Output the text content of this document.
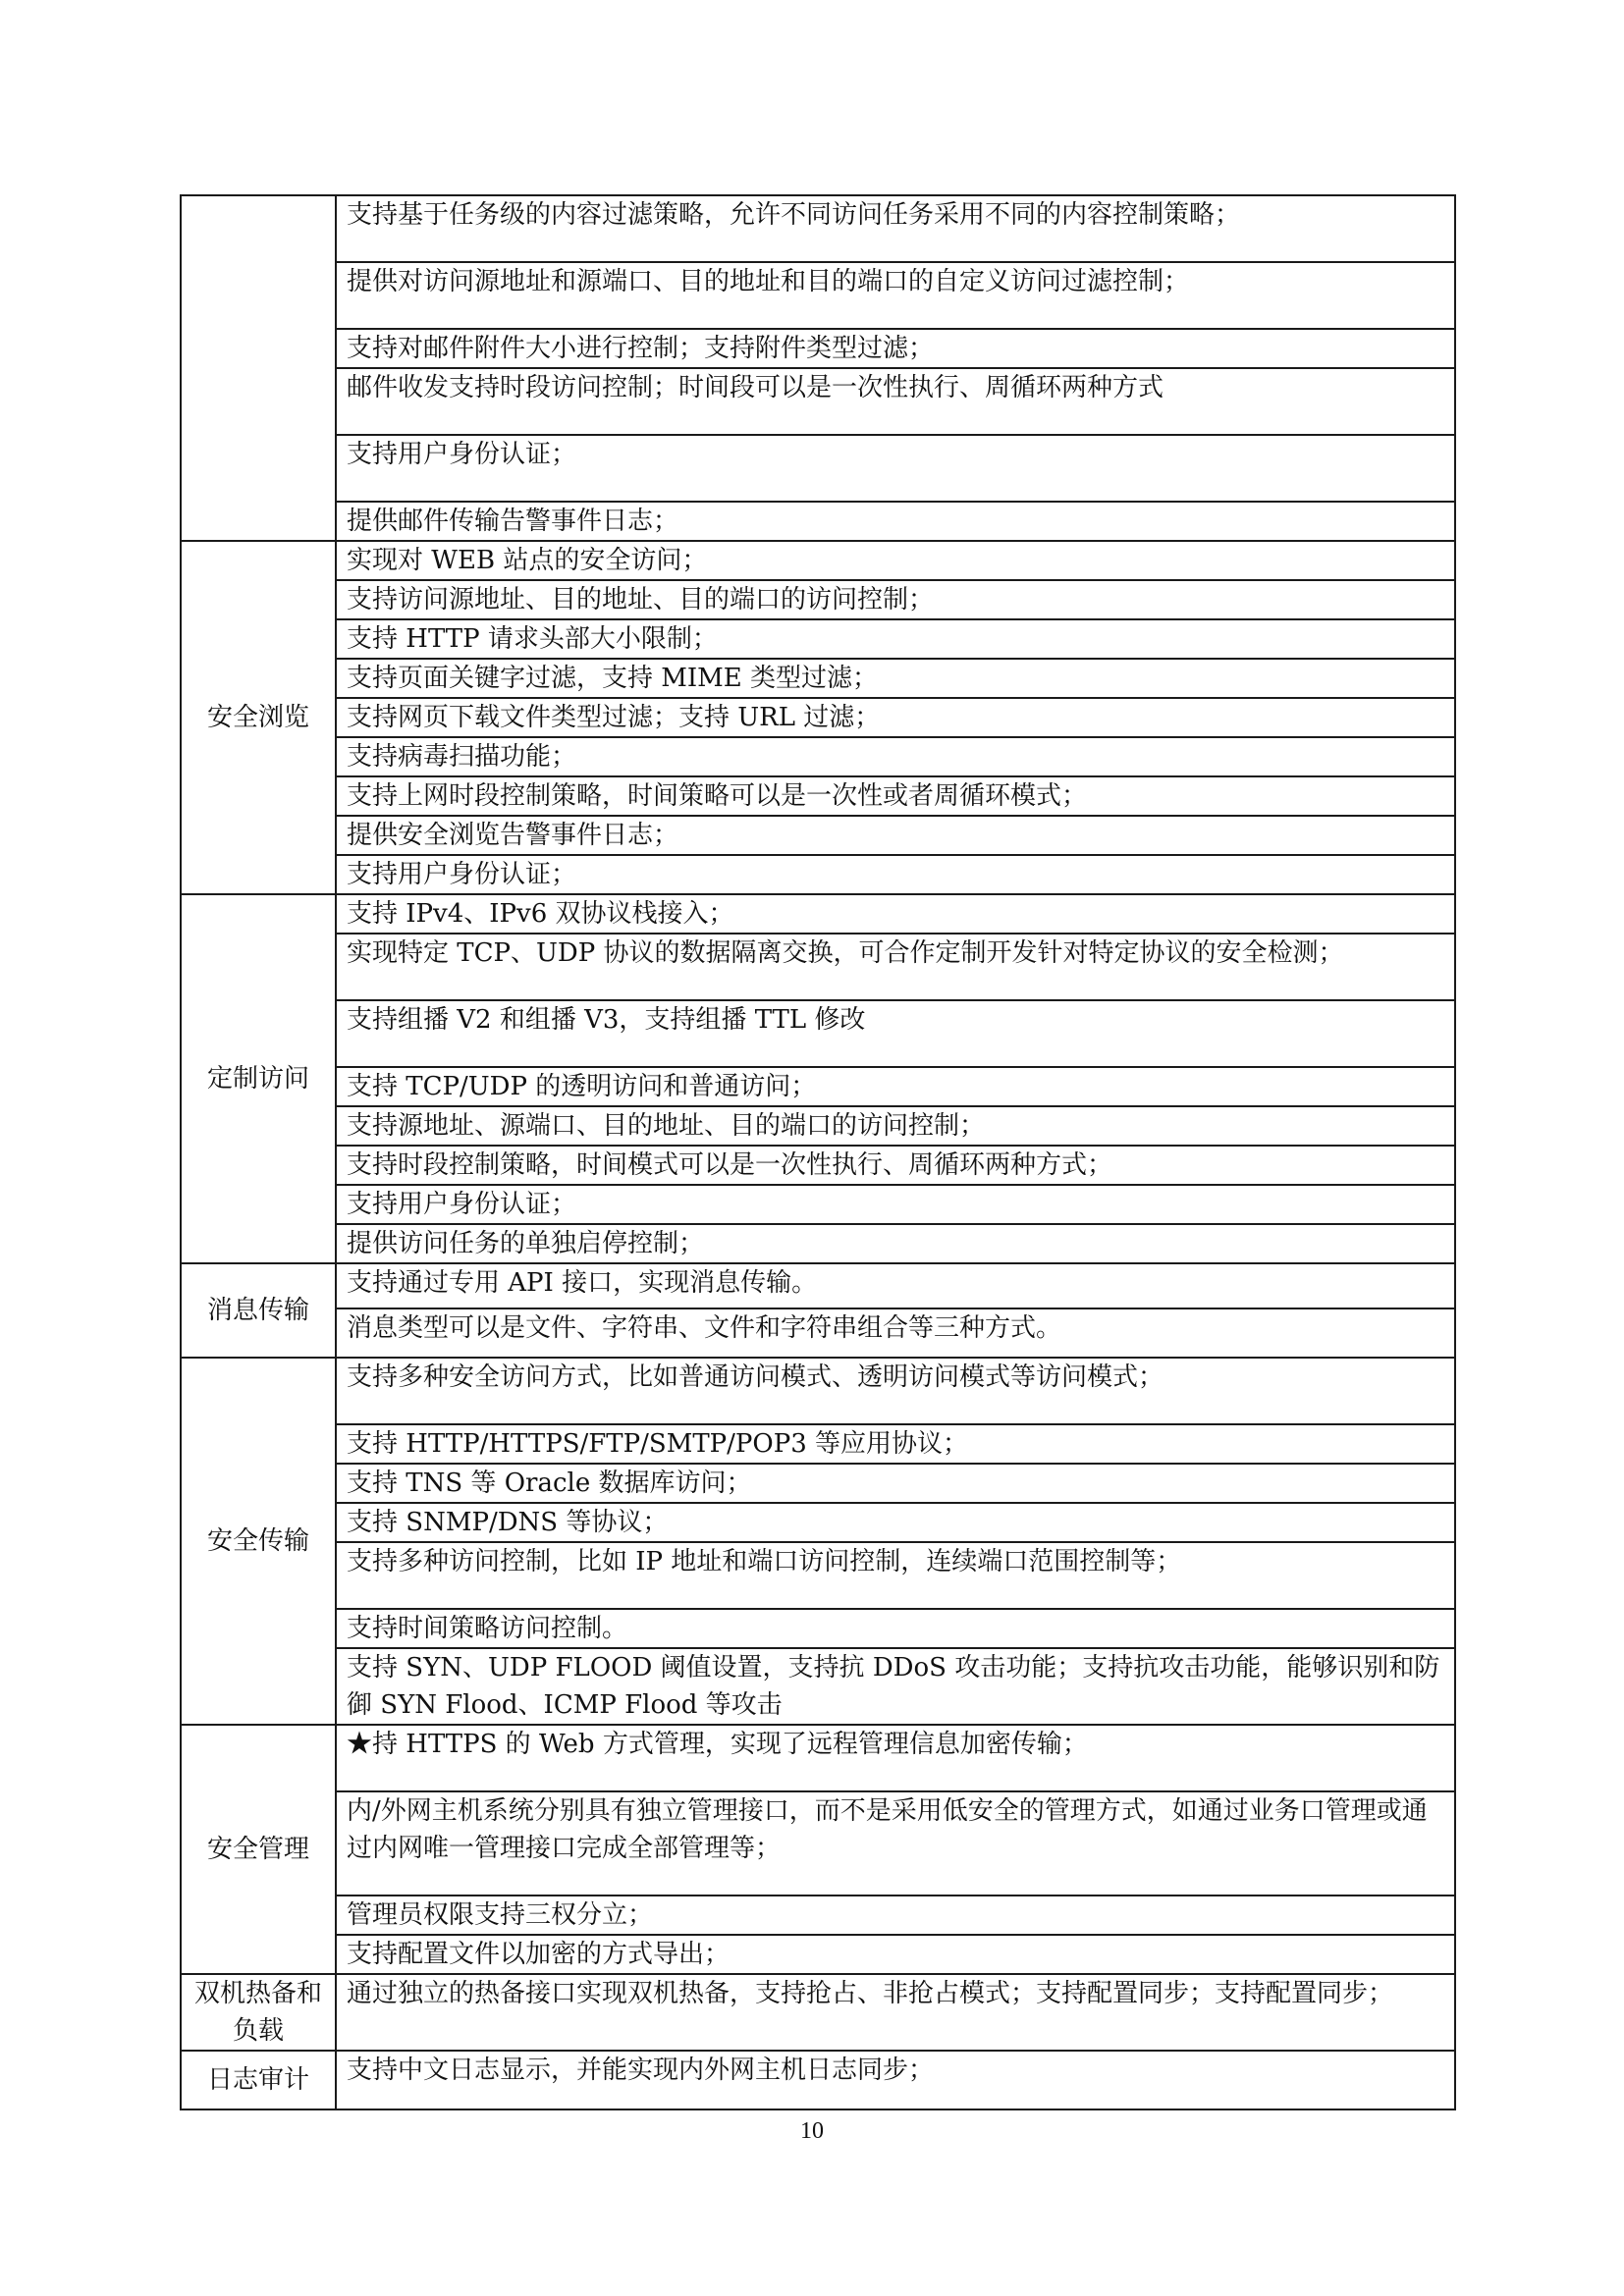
	支持基于任务级的内容过滤策略，允许不同访问任务采用不同的内容控制策略；
	提供对访问源地址和源端口、目的地址和目的端口的自定义访问过滤控制；
	支持对邮件附件大小进行控制；支持附件类型过滤；
	邮件收发支持时段访问控制；时间段可以是一次性执行、周循环两种方式
	支持用户身份认证；
	提供邮件传输告警事件日志；
安全浏览	实现对 WEB 站点的安全访问；
	支持访问源地址、目的地址、目的端口的访问控制；
	支持 HTTP 请求头部大小限制；
	支持页面关键字过滤，支持 MIME 类型过滤；
	支持网页下载文件类型过滤；支持 URL 过滤；
	支持病毒扫描功能；
	支持上网时段控制策略，时间策略可以是一次性或者周循环模式；
	提供安全浏览告警事件日志；
	支持用户身份认证；
定制访问	支持 IPv4、IPv6 双协议栈接入；
	实现特定 TCP、UDP 协议的数据隔离交换，可合作定制开发针对特定协议的安全检测；
	支持组播 V2 和组播 V3，支持组播 TTL 修改
	支持 TCP/UDP 的透明访问和普通访问；
	支持源地址、源端口、目的地址、目的端口的访问控制；
	支持时段控制策略，时间模式可以是一次性执行、周循环两种方式；
	支持用户身份认证；
	提供访问任务的单独启停控制；
消息传输	支持通过专用 API 接口，实现消息传输。
	消息类型可以是文件、字符串、文件和字符串组合等三种方式。
安全传输	支持多种安全访问方式，比如普通访问模式、透明访问模式等访问模式；
	支持 HTTP/HTTPS/FTP/SMTP/POP3 等应用协议；
	支持 TNS 等 Oracle 数据库访问；
	支持 SNMP/DNS 等协议；
	支持多种访问控制，比如 IP 地址和端口访问控制，连续端口范围控制等；
	支持时间策略访问控制。
	支持 SYN、UDP FLOOD 阈值设置，支持抗 DDoS 攻击功能；支持抗攻击功能，能够识别和防御 SYN Flood、ICMP Flood 等攻击
安全管理	★持 HTTPS 的 Web 方式管理，实现了远程管理信息加密传输；
	内/外网主机系统分别具有独立管理接口，而不是采用低安全的管理方式，如通过业务口管理或通过内网唯一管理接口完成全部管理等；
	管理员权限支持三权分立；
	支持配置文件以加密的方式导出；
双机热备和负载	通过独立的热备接口实现双机热备，支持抢占、非抢占模式；支持配置同步；支持配置同步；
日志审计	支持中文日志显示，并能实现内外网主机日志同步；
10
